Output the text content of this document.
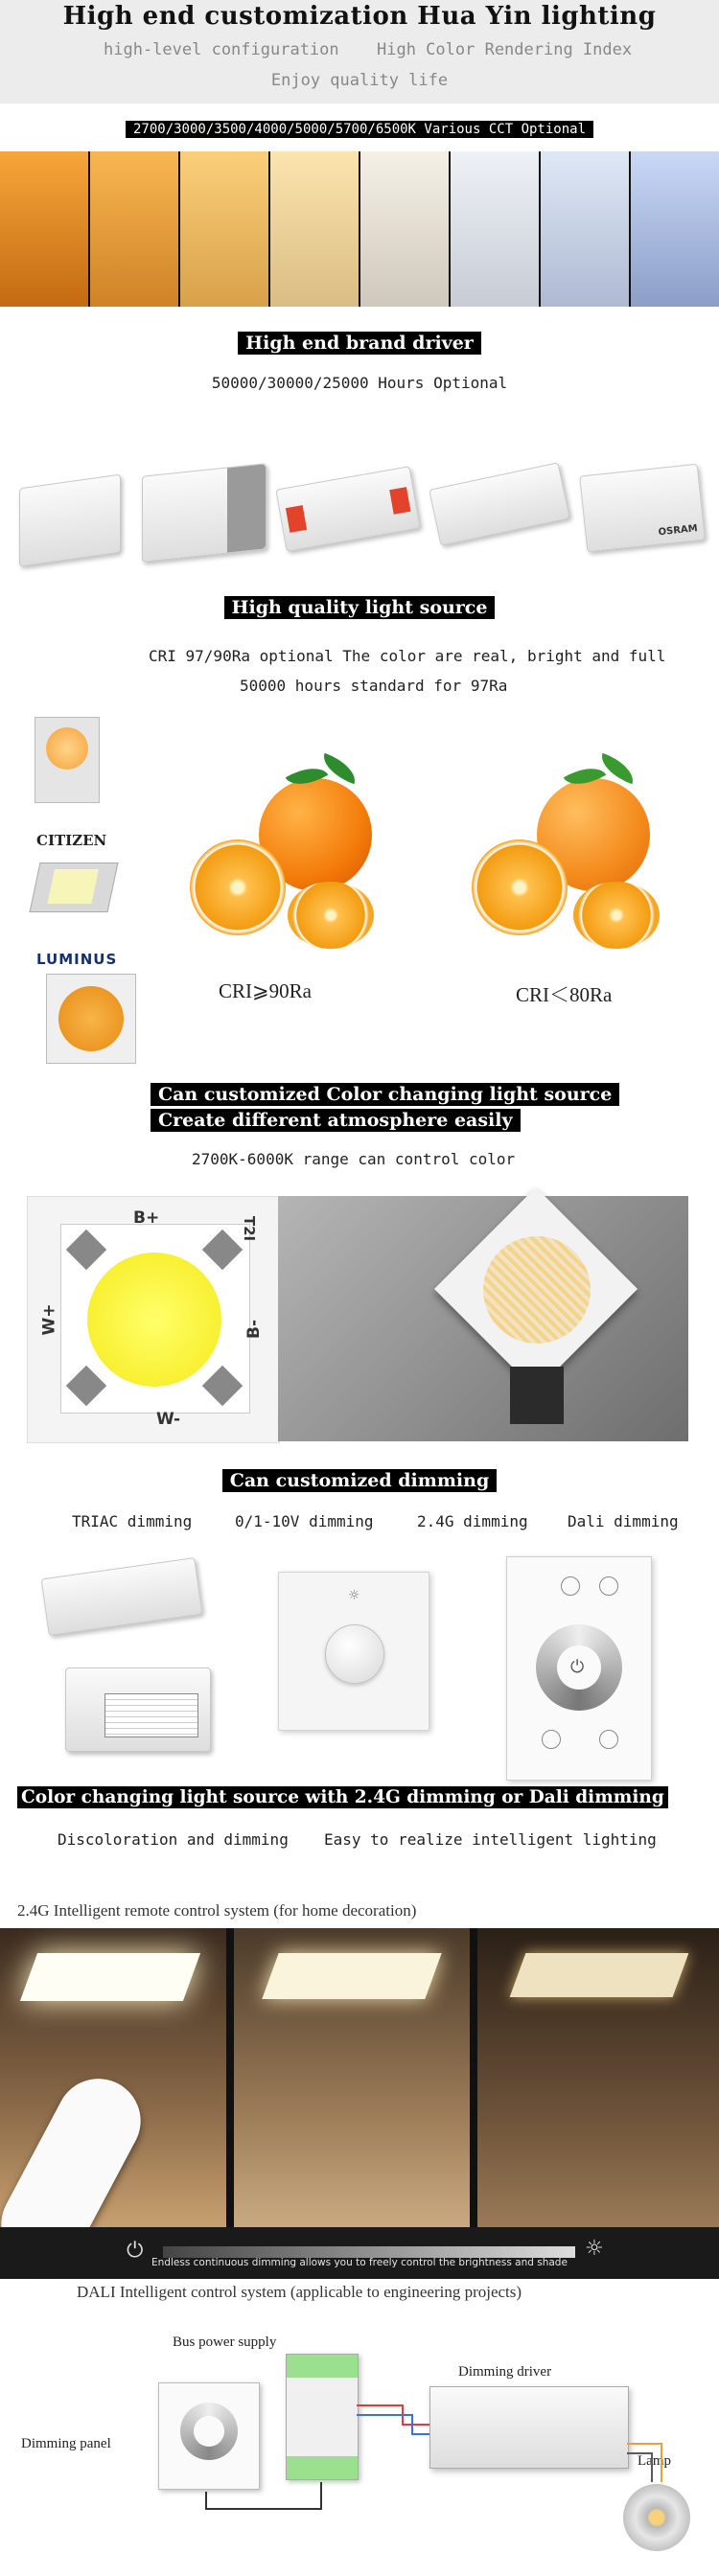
High end customization Hua Yin lighting
high-level configuration High Color Rendering Index
Enjoy quality life
2700/3000/3500/4000/5000/5700/6500K Various CCT Optional
High end brand driver
50000/30000/25000 Hours Optional
OSRAM
High quality light source
CRI 97/90Ra optional The color are real, bright and full
50000 hours standard for 97Ra
CITIZEN
LUMINUS
CRI⩾90Ra	CRI＜80Ra
Can customized Color changing light source
Create different atmosphere easily
2700K-6000K range can control color
B+	T2I
W+	B-
W-
Can customized dimming
TRIAC dimming	0/1-10V dimming	2.4G dimming	Dali dimming
☼
⏻
Color changing light source with 2.4G dimming or Dali dimming
Discoloration and dimming Easy to realize intelligent lighting
2.4G Intelligent remote control system (for home decoration)
⏻	☼
Endless continuous dimming allows you to freely control the brightness and shade
DALI Intelligent control system (applicable to engineering projects)
Bus power supply
Dimming driver
Dimming panel
Lamp
